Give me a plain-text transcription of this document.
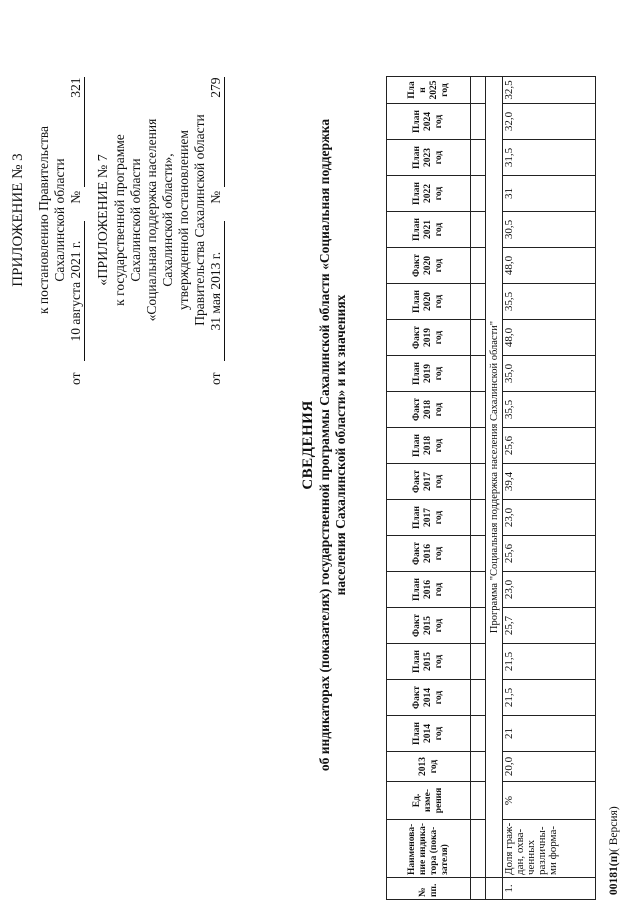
ПРИЛОЖЕНИЕ № 3 к постановлению Правительства Сахалинской области
от 10 августа 2021 г. № 321
«ПРИЛОЖЕНИЕ № 7 к государственной программе Сахалинской области «Социальная поддержка населения Сахалинской области», утвержденной постановлением Правительства Сахалинской области
от 31 мая 2013 г. № 279
СВЕДЕНИЯ об индикаторах (показателях) государственной программы Сахалинской области «Социальная поддержка населения Сахалинской области» и их значениях
№ пп.	Наименова-ние индика-тора (пока-зателя)	Ед. изме-рения	2013 год	План 2014 год	Факт 2014 год	План 2015 год	Факт 2015 год	План 2016 год	Факт 2016 год	План 2017 год	Факт 2017 год	План 2018 год	Факт 2018 год	План 2019 год	Факт 2019 год	План 2020 год	Факт 2020 год	План 2021 год	План 2022 год	План 2023 год	План 2024 год	Пла н 2025 год

	Программа "Социальная поддержка населения Сахалинской области"																					
1.	Доля граж-дан, охва-ченных различны-ми форма-	%	20,0	21	21,5	21,5	25,7	23,0	25,6	23,0	39,4	25,6	35,5	35,0	48,0	35,5	48,0	30,5	31	31,5	32,0	32,5
00181(п)( Версия)
